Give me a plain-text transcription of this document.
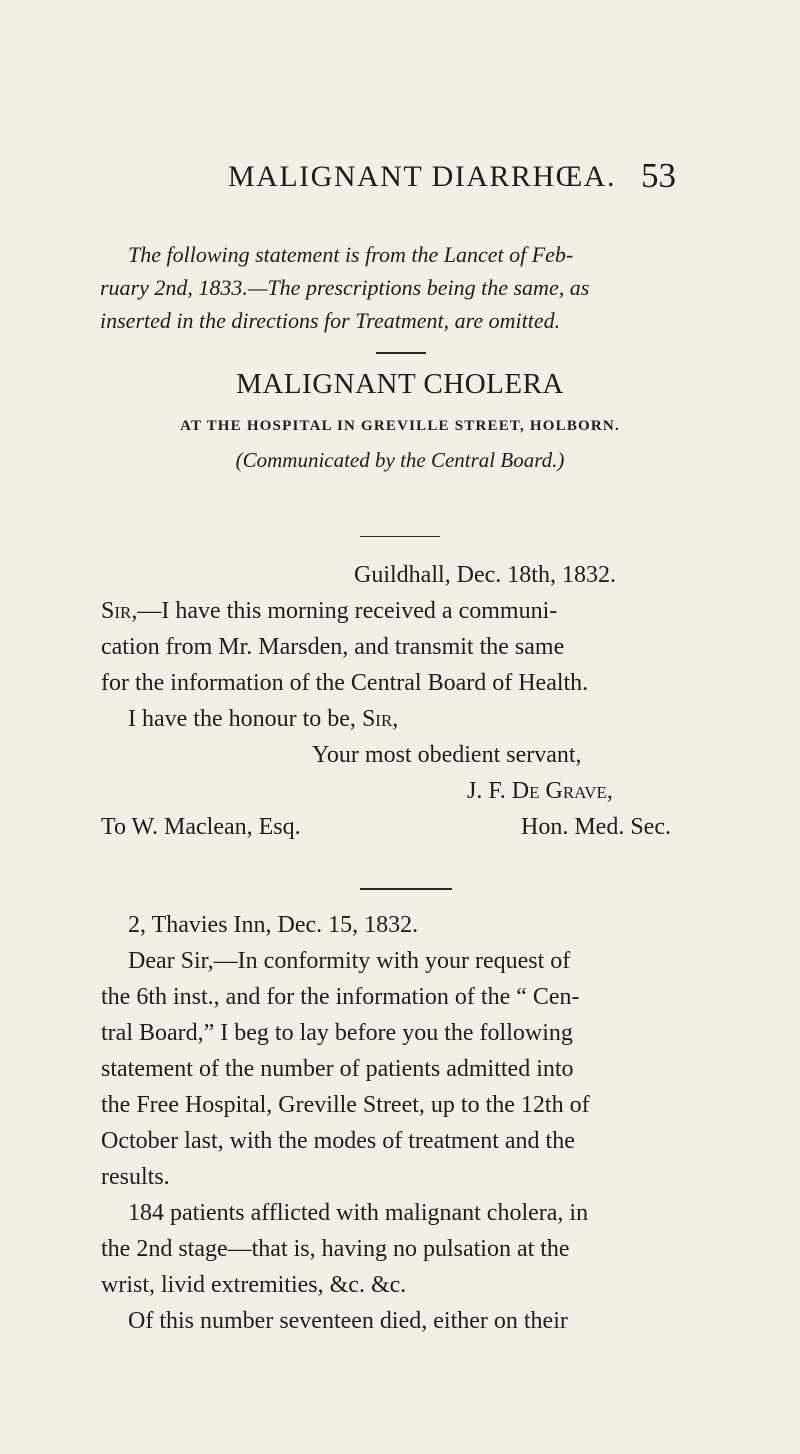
MALIGNANT DIARRHŒA. 53
The following statement is from the Lancet of Feb-
ruary 2nd, 1833.—The prescriptions being the same, as
inserted in the directions for Treatment, are omitted.
MALIGNANT CHOLERA
AT THE HOSPITAL IN GREVILLE STREET, HOLBORN.
(Communicated by the Central Board.)
Guildhall, Dec. 18th, 1832.
Sir,—I have this morning received a communi-
cation from Mr. Marsden, and transmit the same
for the information of the Central Board of Health.
I have the honour to be, Sir,
Your most obedient servant,
J. F. De Grave,
To W. Maclean, Esq.	Hon. Med. Sec.
2, Thavies Inn, Dec. 15, 1832.
Dear Sir,—In conformity with your request of
the 6th inst., and for the information of the “ Cen-
tral Board,” I beg to lay before you the following
statement of the number of patients admitted into
the Free Hospital, Greville Street, up to the 12th of
October last, with the modes of treatment and the
results.
184 patients afflicted with malignant cholera, in
the 2nd stage—that is, having no pulsation at the
wrist, livid extremities, &c. &c.
Of this number seventeen died, either on their
